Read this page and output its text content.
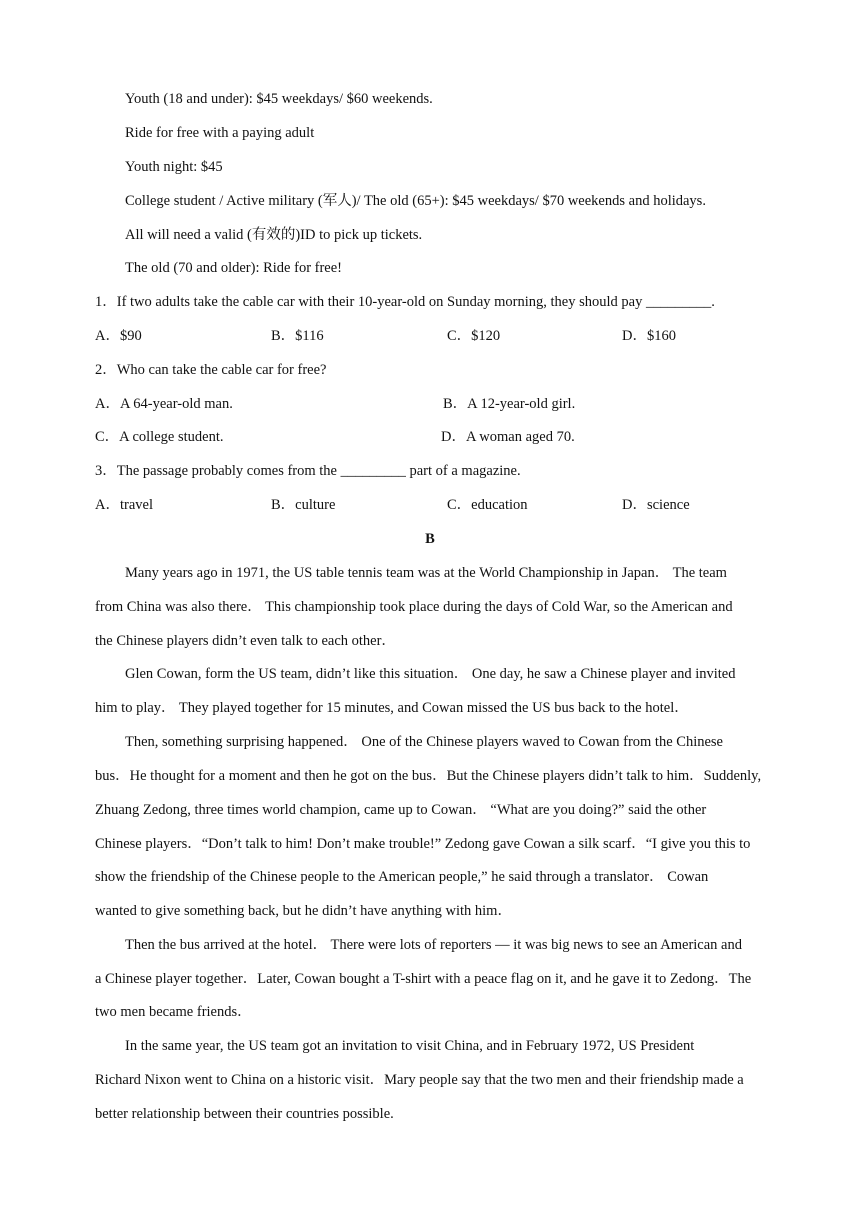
Youth (18 and under): $45 weekdays/ $60 weekends.
Ride for free with a paying adult
Youth night: $45
College student / Active military (军人)/ The old (65+): $45 weekdays/ $70 weekends and holidays.
All will need a valid (有效的)ID to pick up tickets.
The old (70 and older): Ride for free!
1．If two adults take the cable car with their 10-year-old on Sunday morning, they should pay _________.
A．$90	B．$116	C．$120	D．$160
2．Who can take the cable car for free?
A．A 64-year-old man.	B．A 12-year-old girl.
C．A college student.	D．A woman aged 70.
3．The passage probably comes from the _________ part of a magazine.
A．travel	B．culture	C．education	D．science
B
Many years ago in 1971, the US table tennis team was at the World Championship in Japan． The team
from China was also there． This championship took place during the days of Cold War, so the American and
the Chinese players didn’t even talk to each other．
Glen Cowan, form the US team, didn’t like this situation． One day, he saw a Chinese player and invited
him to play． They played together for 15 minutes, and Cowan missed the US bus back to the hotel．
Then, something surprising happened． One of the Chinese players waved to Cowan from the Chinese
bus．He thought for a moment and then he got on the bus．But the Chinese players didn’t talk to him．Suddenly,
Zhuang Zedong, three times world champion, came up to Cowan． “What are you doing?” said the other
Chinese players．“Don’t talk to him! Don’t make trouble!” Zedong gave Cowan a silk scarf．“I give you this to
show the friendship of the Chinese people to the American people,” he said through a translator． Cowan
wanted to give something back, but he didn’t have anything with him．
Then the bus arrived at the hotel． There were lots of reporters — it was big news to see an American and
a Chinese player together．Later, Cowan bought a T-shirt with a peace flag on it, and he gave it to Zedong．The
two men became friends．
In the same year, the US team got an invitation to visit China, and in February 1972, US President
Richard Nixon went to China on a historic visit．Mary people say that the two men and their friendship made a
better relationship between their countries possible.
